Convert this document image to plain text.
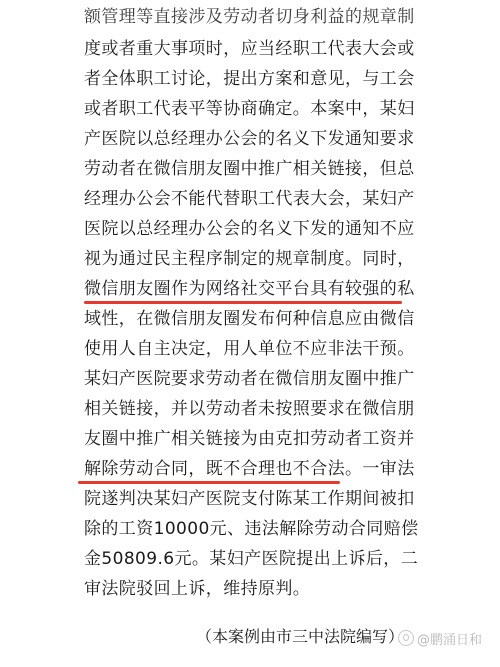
额管理等直接涉及劳动者切身利益的规章制
度或者重大事项时，应当经职工代表大会或
者全体职工讨论，提出方案和意见，与工会
或者职工代表平等协商确定。本案中，某妇
产医院以总经理办公会的名义下发通知要求
劳动者在微信朋友圈中推广相关链接，但总
经理办公会不能代替职工代表大会，某妇产
医院以总经理办公会的名义下发的通知不应
视为通过民主程序制定的规章制度。同时，
微信朋友圈作为网络社交平台具有较强的私
域性，在微信朋友圈发布何种信息应由微信
使用人自主决定，用人单位不应非法干预。
某妇产医院要求劳动者在微信朋友圈中推广
相关链接，并以劳动者未按照要求在微信朋
友圈中推广相关链接为由克扣劳动者工资并
解除劳动合同，既不合理也不合法。一审法
院遂判决某妇产医院支付陈某工作期间被扣
除的工资10000元、违法解除劳动合同赔偿
金50809.6元。某妇产医院提出上诉后，二
审法院驳回上诉，维持原判。
（本案例由市三中法院编写） @鹏涌日和
